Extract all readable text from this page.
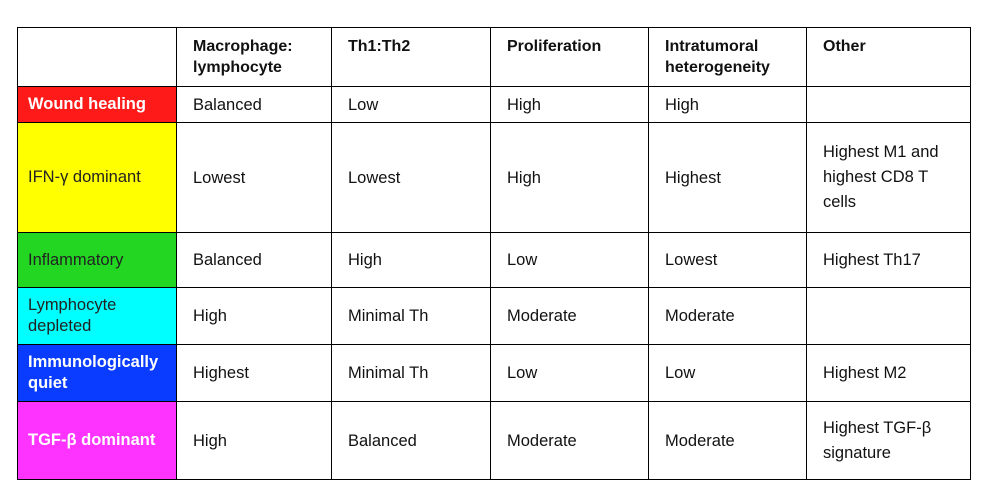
	Macrophage: lymphocyte	Th1:Th2	Proliferation	Intratumoral heterogeneity	Other
Wound healing	Balanced	Low	High	High	
IFN-γ dominant	Lowest	Lowest	High	Highest	Highest M1 and highest CD8 T cells
Inflammatory	Balanced	High	Low	Lowest	Highest Th17
Lymphocyte depleted	High	Minimal Th	Moderate	Moderate	
Immunologically quiet	Highest	Minimal Th	Low	Low	Highest M2
TGF-β dominant	High	Balanced	Moderate	Moderate	Highest TGF-β signature
